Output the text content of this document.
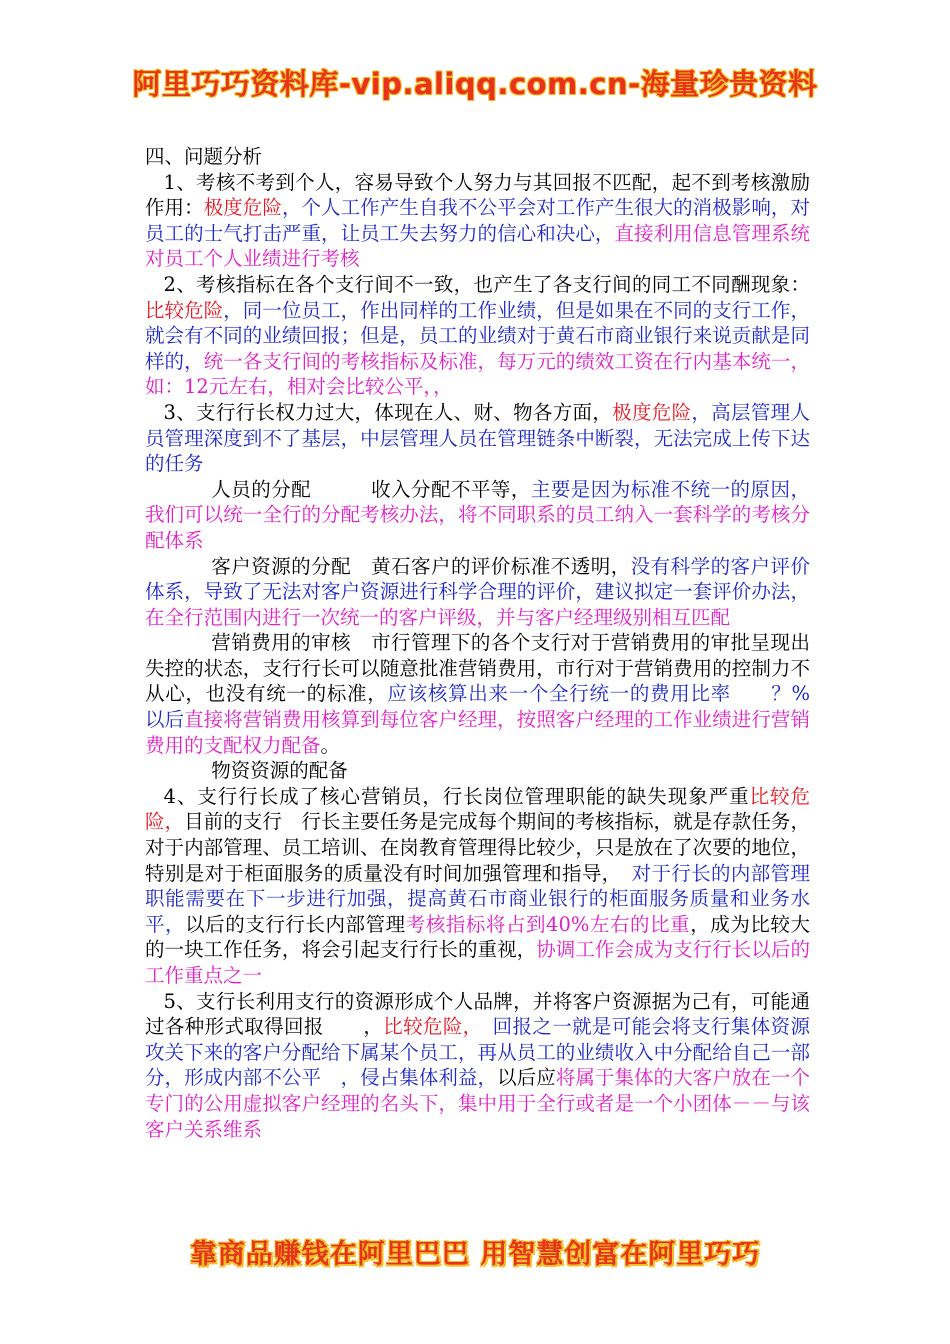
阿里巧巧资料库-vip.aliqq.com.cn-海量珍贵资料

四、问题分析

1、考核不考到个人，容易导致个人努力与其回报不匹配，起不到考核激励作用：极度危险，个人工作产生自我不公平会对工作产生很大的消极影响，对员工的士气打击严重，让员工失去努力的信心和决心，直接利用信息管理系统对员工个人业绩进行考核

2、考核指标在各个支行间不一致，也产生了各支行间的同工不同酬现象：比较危险，同一位员工，作出同样的工作业绩，但是如果在不同的支行工作，就会有不同的业绩回报；但是，员工的业绩对于黄石市商业银行来说贡献是同样的，统一各支行间的考核指标及标准，每万元的绩效工资在行内基本统一，如：12元左右，相对会比较公平，，

3、支行行长权力过大，体现在人、财、物各方面，极度危险，高层管理人员管理深度到不了基层，中层管理人员在管理链条中断裂，无法完成上传下达的任务

人员的分配　　　收入分配不平等，主要是因为标准不统一的原因，我们可以统一全行的分配考核办法，将不同职系的员工纳入一套科学的考核分配体系

客户资源的分配　黄石客户的评价标准不透明，没有科学的客户评价体系，导致了无法对客户资源进行科学合理的评价，建议拟定一套评价办法，在全行范围内进行一次统一的客户评级，并与客户经理级别相互匹配

营销费用的审核　市行管理下的各个支行对于营销费用的审批呈现出失控的状态，支行行长可以随意批准营销费用，市行对于营销费用的控制力不从心，也没有统一的标准，应该核算出来一个全行统一的费用比率　　？%　以后直接将营销费用核算到每位客户经理，按照客户经理的工作业绩进行营销费用的支配权力配备。

物资资源的配备

4、支行行长成了核心营销员，行长岗位管理职能的缺失现象严重比较危险，目前的支行　行长主要任务是完成每个期间的考核指标，就是存款任务，对于内部管理、员工培训、在岗教育管理得比较少，只是放在了次要的地位，特别是对于柜面服务的质量没有时间加强管理和指导，　对于行长的内部管理职能需要在下一步进行加强，提高黄石市商业银行的柜面服务质量和业务水平，以后的支行行长内部管理考核指标将占到40%左右的比重，成为比较大的一块工作任务，将会引起支行行长的重视，协调工作会成为支行行长以后的工作重点之一

5、支行长利用支行的资源形成个人品牌，并将客户资源据为己有，可能通过各种形式取得回报　　，比较危险，　回报之一就是可能会将支行集体资源攻关下来的客户分配给下属某个员工，再从员工的业绩收入中分配给自己一部分，形成内部不公平　，侵占集体利益，以后应将属于集体的大客户放在一个专门的公用虚拟客户经理的名头下，集中用于全行或者是一个小团体－－与该客户关系维系

靠商品赚钱在阿里巴巴 用智慧创富在阿里巧巧
